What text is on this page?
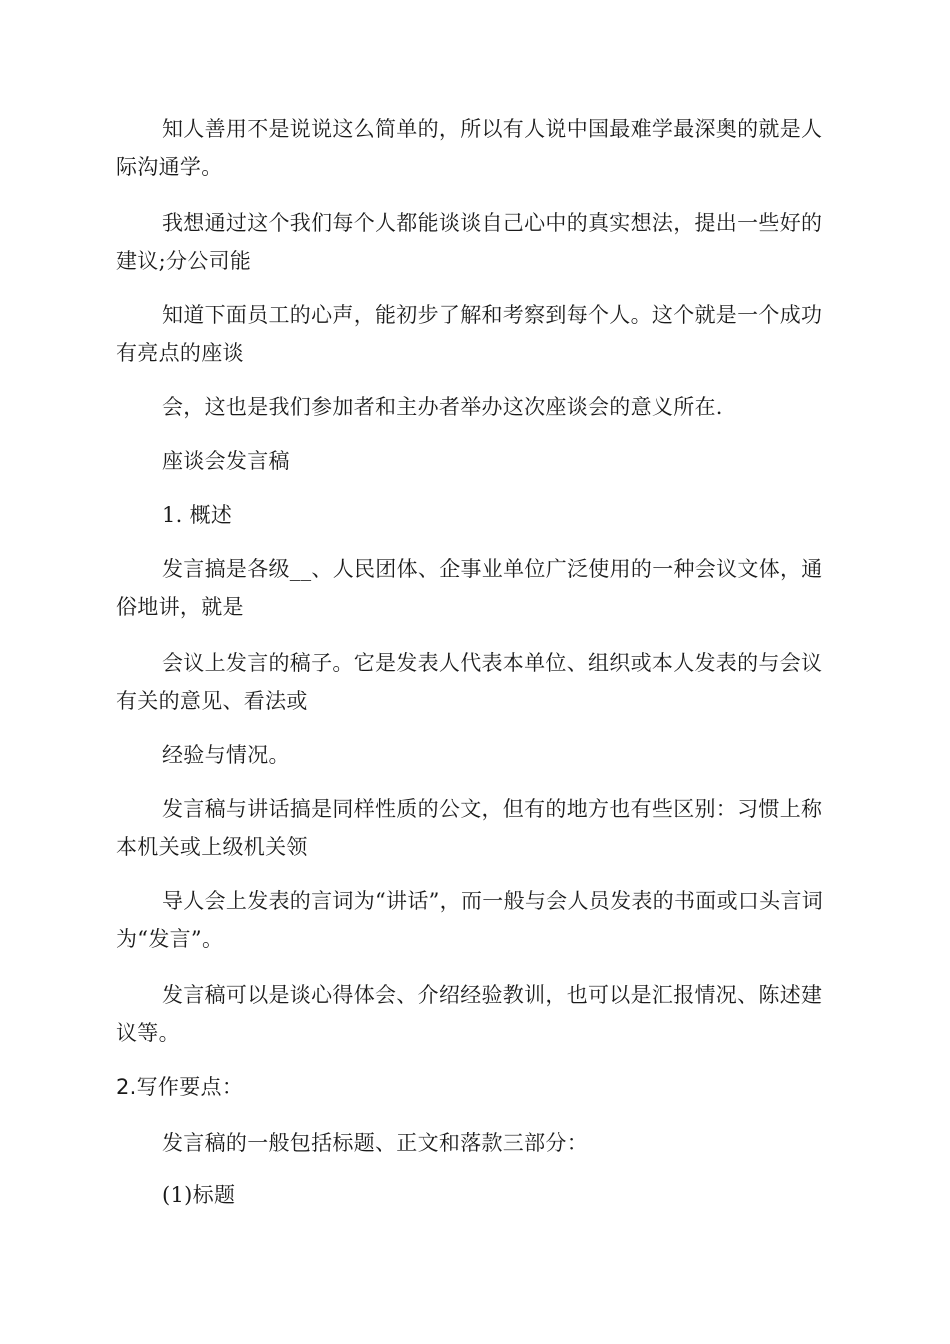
知人善用不是说说这么简单的，所以有人说中国最难学最深奥的就是人际沟通学。

我想通过这个我们每个人都能谈谈自己心中的真实想法，提出一些好的建议;分公司能

知道下面员工的心声，能初步了解和考察到每个人。这个就是一个成功有亮点的座谈

会，这也是我们参加者和主办者举办这次座谈会的意义所在.

座谈会发言稿

1. 概述

发言搞是各级__、人民团体、企事业单位广泛使用的一种会议文体，通俗地讲，就是

会议上发言的稿子。它是发表人代表本单位、组织或本人发表的与会议有关的意见、看法或

经验与情况。

发言稿与讲话搞是同样性质的公文，但有的地方也有些区别：习惯上称本机关或上级机关领

导人会上发表的言词为“讲话”，而一般与会人员发表的书面或口头言词为“发言”。

发言稿可以是谈心得体会、介绍经验教训，也可以是汇报情况、陈述建议等。

2.写作要点：

发言稿的一般包括标题、正文和落款三部分：

(1)标题
